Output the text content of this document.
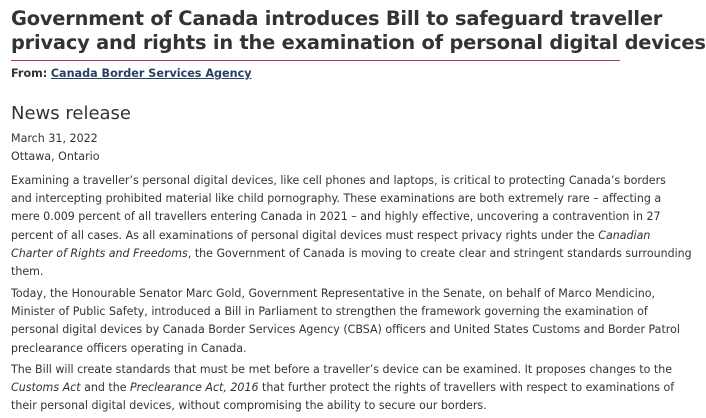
Government of Canada introduces Bill to safeguard traveller
privacy and rights in the examination of personal digital devices
From: Canada Border Services Agency
News release
March 31, 2022
Ottawa, Ontario
Examining a traveller’s personal digital devices, like cell phones and laptops, is critical to protecting Canada’s borders
and intercepting prohibited material like child pornography. These examinations are both extremely rare – affecting a
mere 0.009 percent of all travellers entering Canada in 2021 – and highly effective, uncovering a contravention in 27
percent of all cases. As all examinations of personal digital devices must respect privacy rights under the Canadian
Charter of Rights and Freedoms, the Government of Canada is moving to create clear and stringent standards surrounding
them.
Today, the Honourable Senator Marc Gold, Government Representative in the Senate, on behalf of Marco Mendicino,
Minister of Public Safety, introduced a Bill in Parliament to strengthen the framework governing the examination of
personal digital devices by Canada Border Services Agency (CBSA) officers and United States Customs and Border Patrol
preclearance officers operating in Canada.
The Bill will create standards that must be met before a traveller’s device can be examined. It proposes changes to the
Customs Act and the Preclearance Act, 2016 that further protect the rights of travellers with respect to examinations of
their personal digital devices, without compromising the ability to secure our borders.
